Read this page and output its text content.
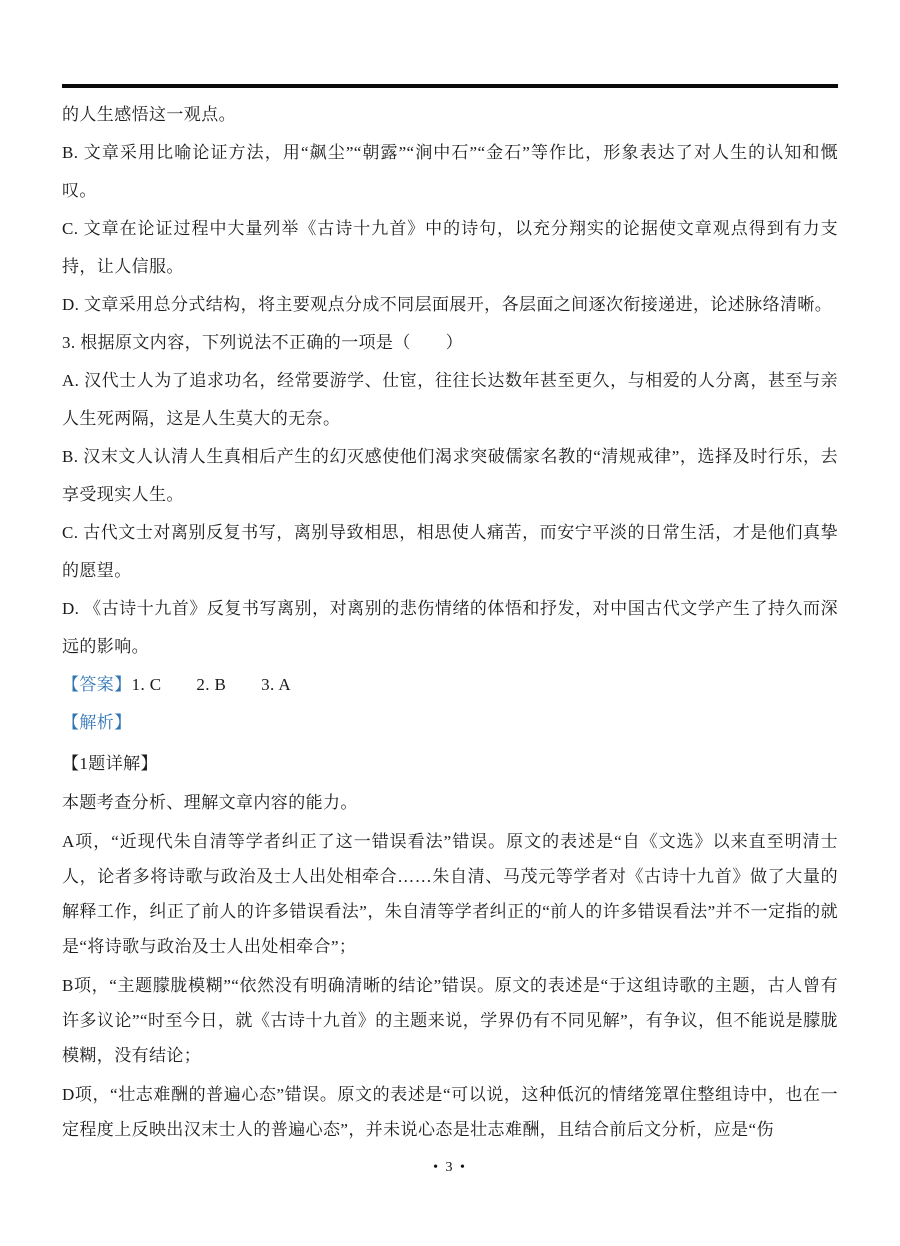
的人生感悟这一观点。

B. 文章采用比喻论证方法，用“飙尘”“朝露”“涧中石”“金石”等作比，形象表达了对人生的认知和慨叹。

C. 文章在论证过程中大量列举《古诗十九首》中的诗句，以充分翔实的论据使文章观点得到有力支持，让人信服。

D. 文章采用总分式结构，将主要观点分成不同层面展开，各层面之间逐次衔接递进，论述脉络清晰。

3. 根据原文内容，下列说法不正确的一项是（　　）

A. 汉代士人为了追求功名，经常要游学、仕宦，往往长达数年甚至更久，与相爱的人分离，甚至与亲人生死两隔，这是人生莫大的无奈。

B. 汉末文人认清人生真相后产生的幻灭感使他们渴求突破儒家名教的“清规戒律”，选择及时行乐，去享受现实人生。

C. 古代文士对离别反复书写，离别导致相思，相思使人痛苦，而安宁平淡的日常生活，才是他们真挚的愿望。

D. 《古诗十九首》反复书写离别，对离别的悲伤情绪的体悟和抒发，对中国古代文学产生了持久而深远的影响。

【答案】1. C　　2. B　　3. A

【解析】

【1题详解】

本题考查分析、理解文章内容的能力。

A项，“近现代朱自清等学者纠正了这一错误看法”错误。原文的表述是“自《文选》以来直至明清士人，论者多将诗歌与政治及士人出处相牵合……朱自清、马茂元等学者对《古诗十九首》做了大量的解释工作，纠正了前人的许多错误看法”，朱自清等学者纠正的“前人的许多错误看法”并不一定指的就是“将诗歌与政治及士人出处相牵合”；

B项，“主题朦胧模糊”“依然没有明确清晰的结论”错误。原文的表述是“于这组诗歌的主题，古人曾有许多议论”“时至今日，就《古诗十九首》的主题来说，学界仍有不同见解”，有争议，但不能说是朦胧模糊，没有结论；

D项，“壮志难酬的普遍心态”错误。原文的表述是“可以说，这种低沉的情绪笼罩住整组诗中，也在一定程度上反映出汉末士人的普遍心态”，并未说心态是壮志难酬，且结合前后文分析，应是“伤

• 3 •
